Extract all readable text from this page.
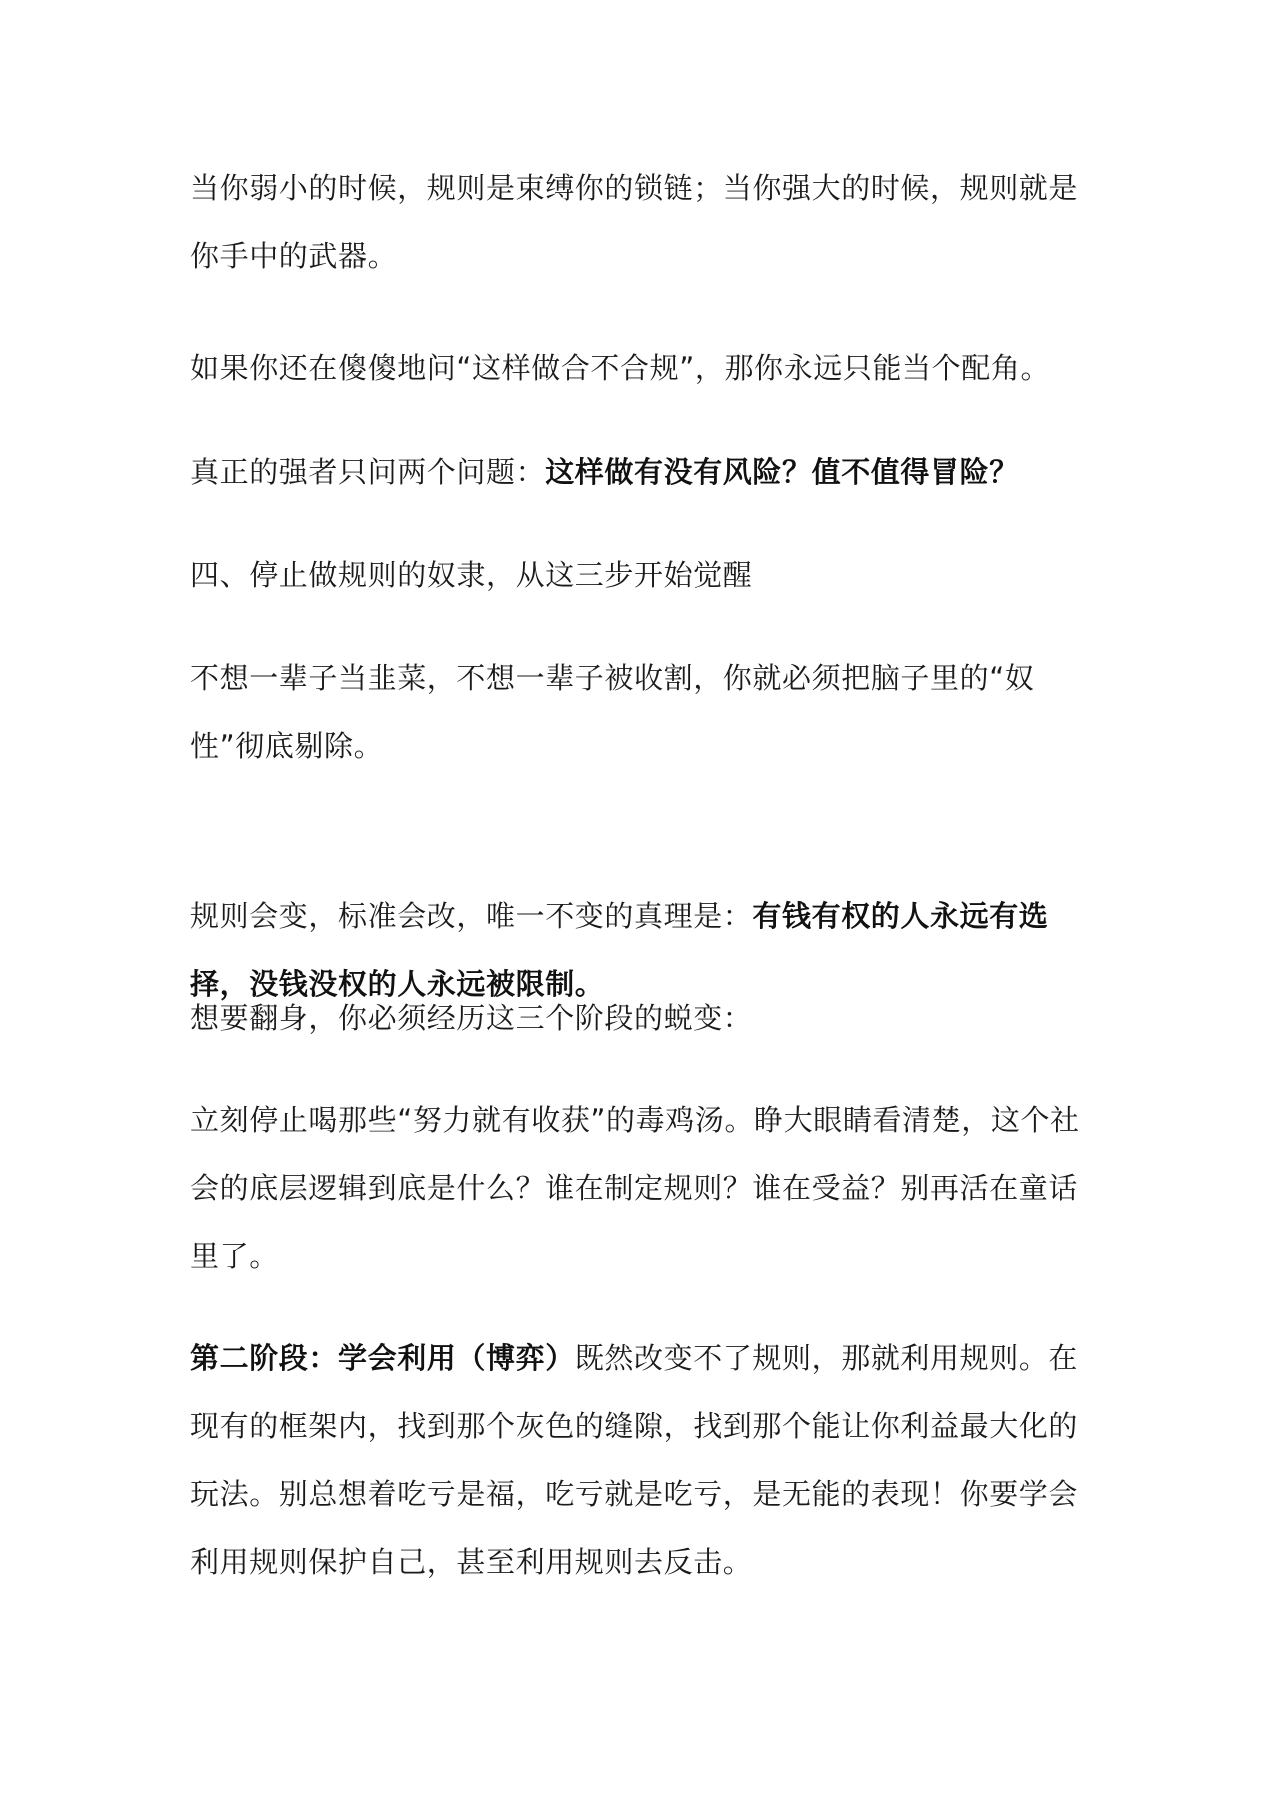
当你弱小的时候，规则是束缚你的锁链；当你强大的时候，规则就是你手中的武器。

如果你还在傻傻地问“这样做合不合规”，那你永远只能当个配角。

真正的强者只问两个问题：这样做有没有风险？值不值得冒险？

四、停止做规则的奴隶，从这三步开始觉醒

不想一辈子当韭菜，不想一辈子被收割，你就必须把脑子里的“奴性”彻底剔除。

规则会变，标准会改，唯一不变的真理是：有钱有权的人永远有选择，没钱没权的人永远被限制。

想要翻身，你必须经历这三个阶段的蜕变：

立刻停止喝那些“努力就有收获”的毒鸡汤。睁大眼睛看清楚，这个社会的底层逻辑到底是什么？谁在制定规则？谁在受益？别再活在童话里了。

第二阶段：学会利用（博弈）既然改变不了规则，那就利用规则。在现有的框架内，找到那个灰色的缝隙，找到那个能让你利益最大化的玩法。别总想着吃亏是福，吃亏就是吃亏，是无能的表现！你要学会利用规则保护自己，甚至利用规则去反击。
